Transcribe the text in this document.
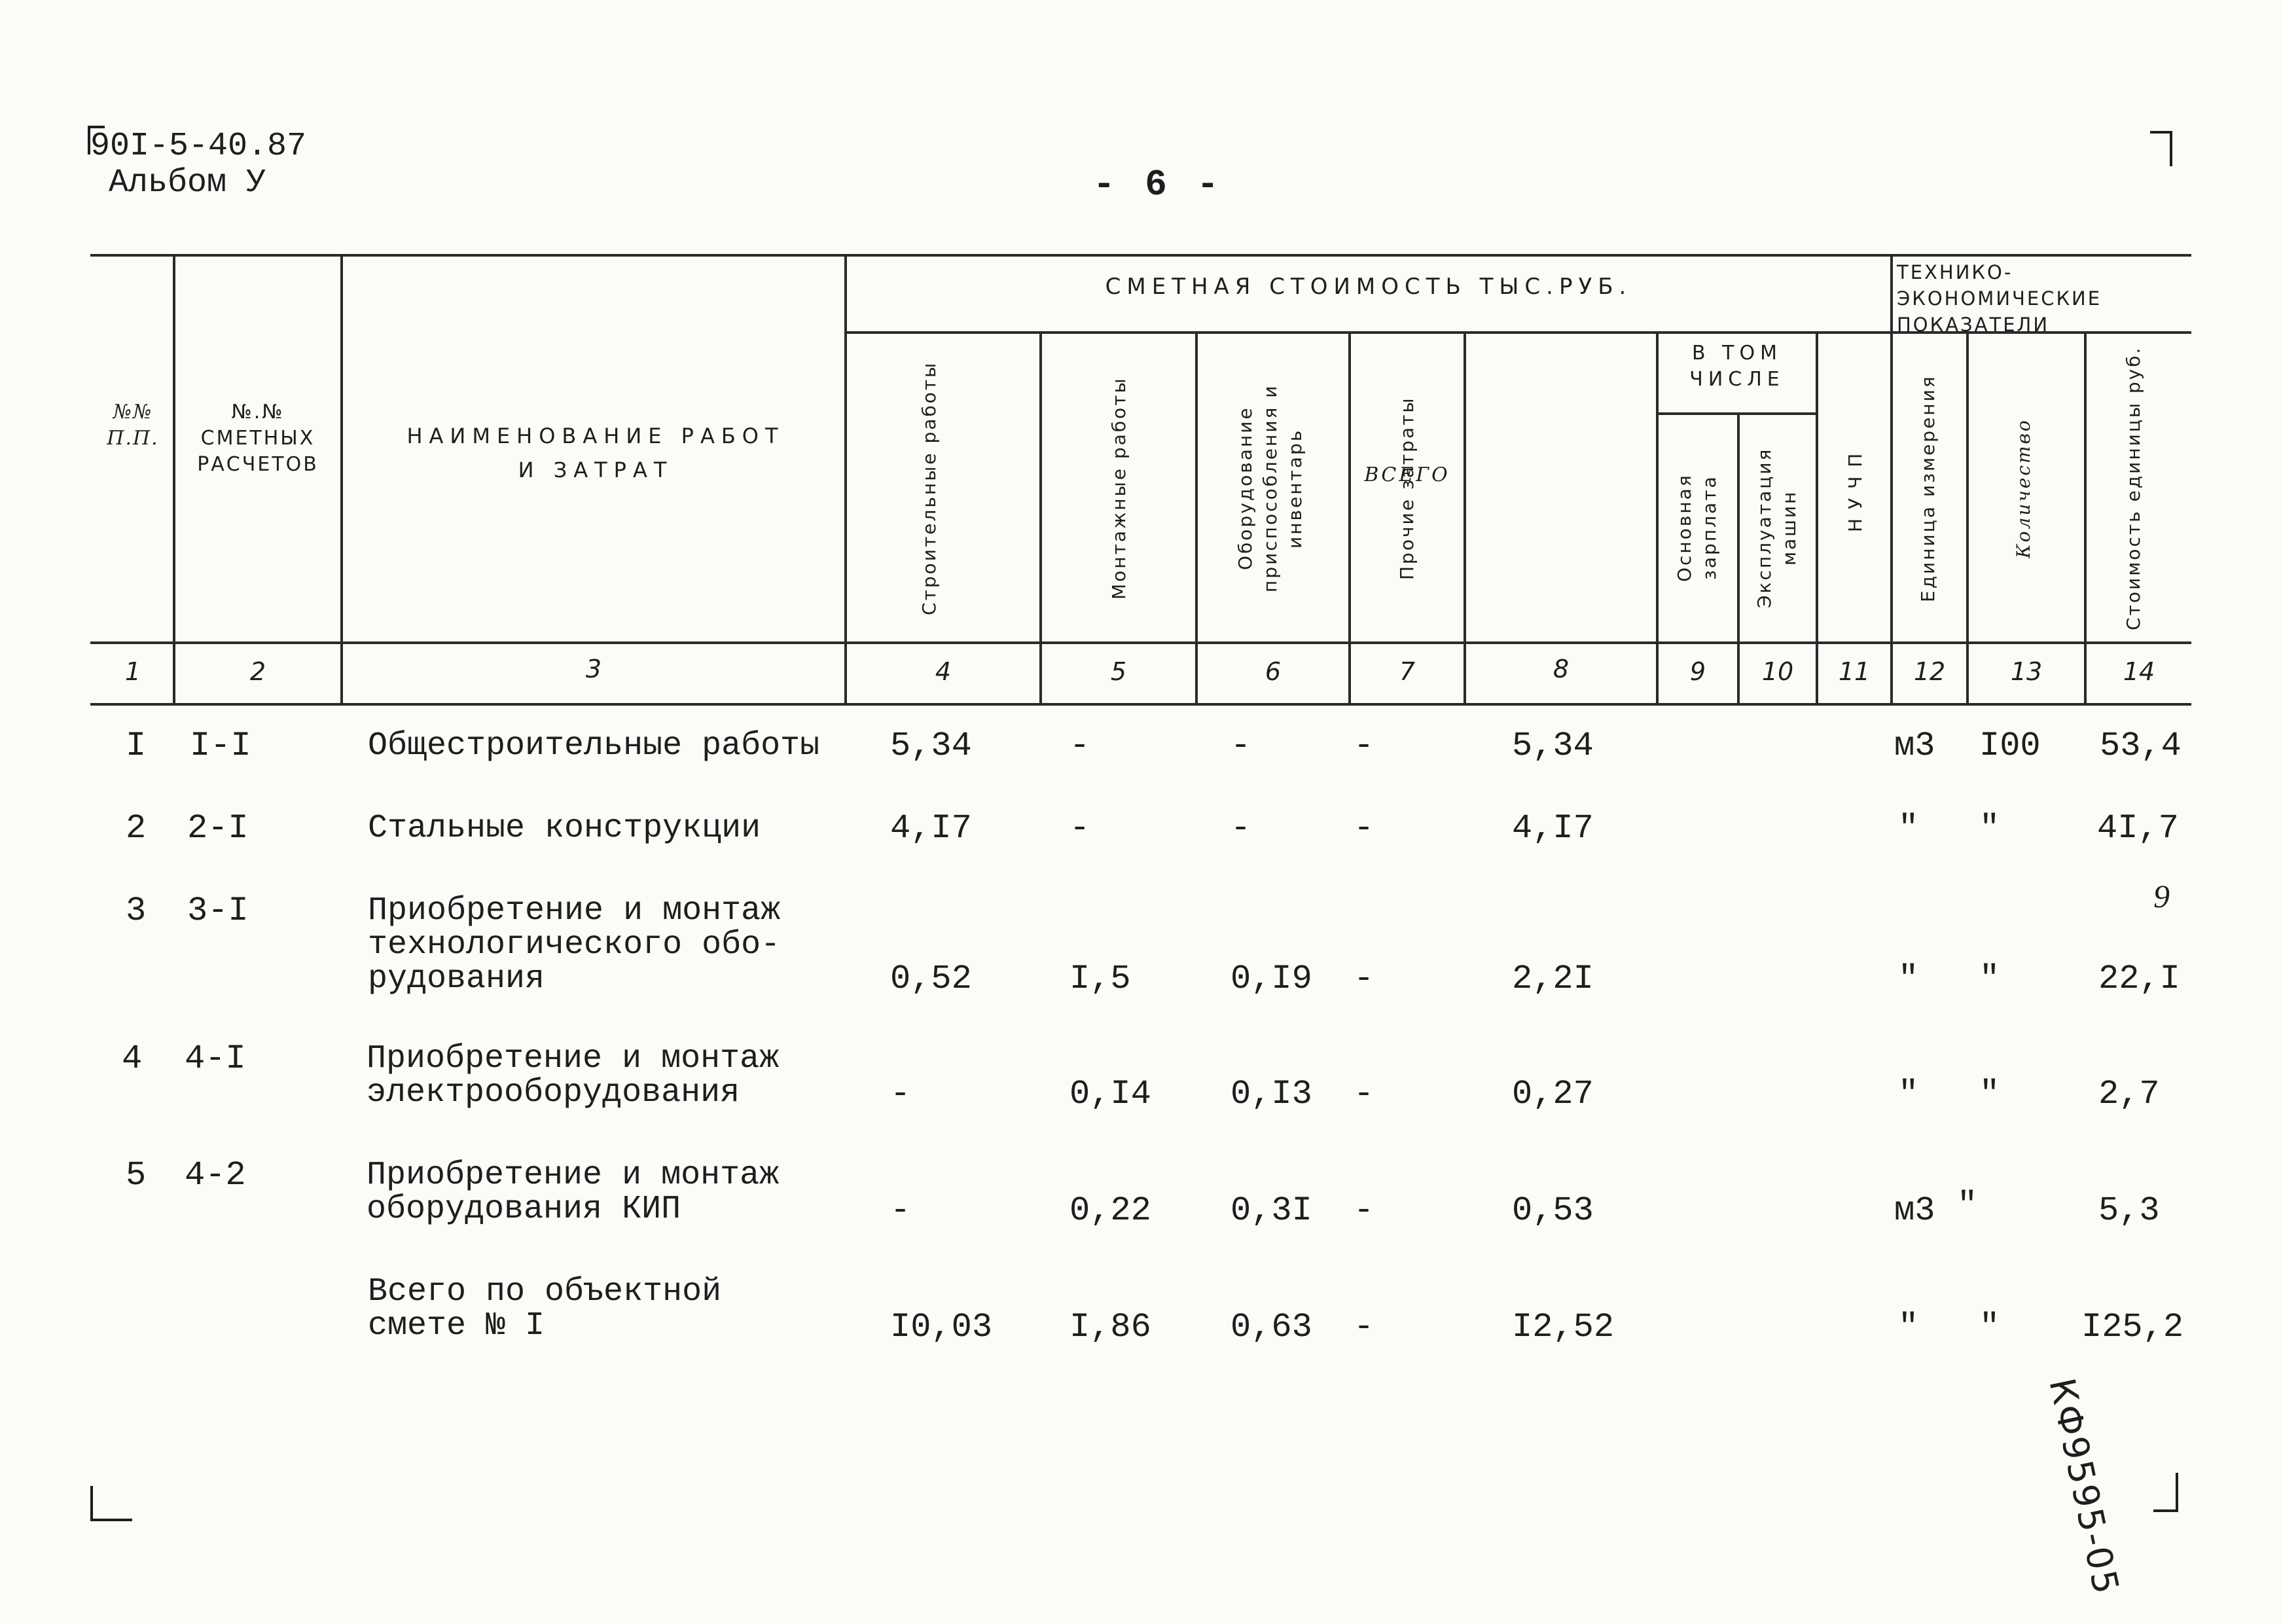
90I-5-40.87
Альбом У	- 6 -
9
КФ9595-05
СМЕТНАЯ СТОИМОСТЬ ТЫС.РУБ.
ТЕХНИКО-ЭКОНОМИЧЕСКИЕ ПОКАЗАТЕЛИ
В ТОМ ЧИСЛЕ
№№ П.П.
№.№ СМЕТНЫХ РАСЧЕТОВ
НАИМЕНОВАНИЕ РАБОТ И ЗАТРАТ	ВСЕГО
Строительные работы	Монтажные работы	Оборудование приспособления и инвентарь	Прочие затраты	Основная зарплата	Эксплуатация машин	НУЧП	Единица измерения	Количество	Стоимость единицы руб.
1	2	3	4	5	6	7	8	9	10	11	12	13	14
I I-I	Общестроительные работы 5,34	-	-	-	5,34	м3 I00 53,4
2 2-I	Стальные конструкции	4,I7	-	-	-	4,I7	" "	4I,7
3 3-I	Приобретение и монтаж
технологического обо-
рудования	0,52	I,5	0,I9 -	2,2I	" "	22,I
4 4-I	Приобретение и монтаж
электрооборудования	-	0,I4 0,I3 -	0,27	" "	2,7
5 4-2	Приобретение и монтаж
оборудования КИП	-	0,22 0,3I -	0,53	м3 "	5,3
Всего по объектной
смете № I	I0,03 I,86 0,63 -	I2,52	" " I25,2
